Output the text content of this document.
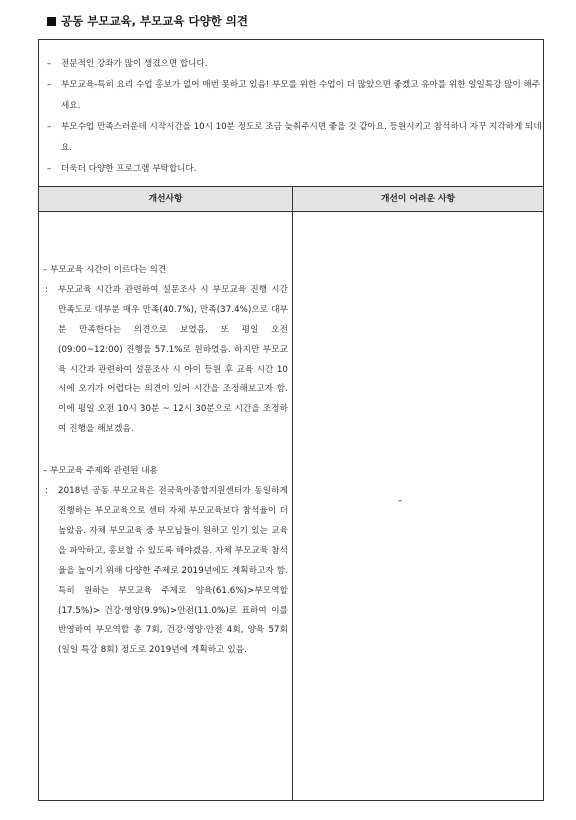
공동 부모교육, 부모교육 다양한 의견
– 전문적인 강좌가 많이 생겼으면 합니다.
– 부모교육-특히 요리 수업 홍보가 없어 매번 못하고 있음! 부모를 위한 수업이 더 많았으면 좋겠고 유아를 위한 일일특강 많이 해주세요.
– 부모수업 만족스러운데 시작시간을 10시 10분 정도로 조금 늦춰주시면 좋을 것 같아요. 등원시키고 참석하니 자꾸 지각하게 되네요.
– 더욱더 다양한 프로그램 부탁합니다.
개선사항	개선이 어려운 사항
– 부모교육 시간이 이르다는 의견
: 부모교육 시간과 관련하여 설문조사 시 부모교육 진행 시간 만족도로 대부분 매우 만족(40.7%), 만족(37.4%)으로 대부분 만족한다는 의견으로 보였음. 또 평일 오전(09:00~12:00) 진행을 57.1%로 원하였음. 하지만 부모교육 시간과 관련하여 설문조사 시 아이 등원 후 교육 시간 10시에 오기가 어렵다는 의견이 있어 시간을 조정해보고자 함. 이에 평일 오전 10시 30분 ~ 12시 30분으로 시간을 조정하여 진행을 해보겠음.
– 부모교육 주제와 관련된 내용
: 2018년 공동 부모교육은 전국육아종합지원센터가 동일하게 진행하는 부모교육으로 센터 자체 부모교육보다 참석율이 더 높았음. 자체 부모교육 중 부모님들이 원하고 인기 있는 교육을 파악하고, 홍보할 수 있도록 해야겠음. 자체 부모교육 참석율을 높이기 위해 다양한 주제로 2019년에도 계획하고자 함. 특히 원하는 부모교육 주제로 양육(61.6%)>부모역할(17.5%)> 건강·영양(9.9%)>안전(11.0%)로 표하여 이를 반영하여 부모역할 총 7회, 건강·영양·안전 4회, 양육 57회(일일 특강 8회) 정도로 2019년에 계획하고 있음.
–
